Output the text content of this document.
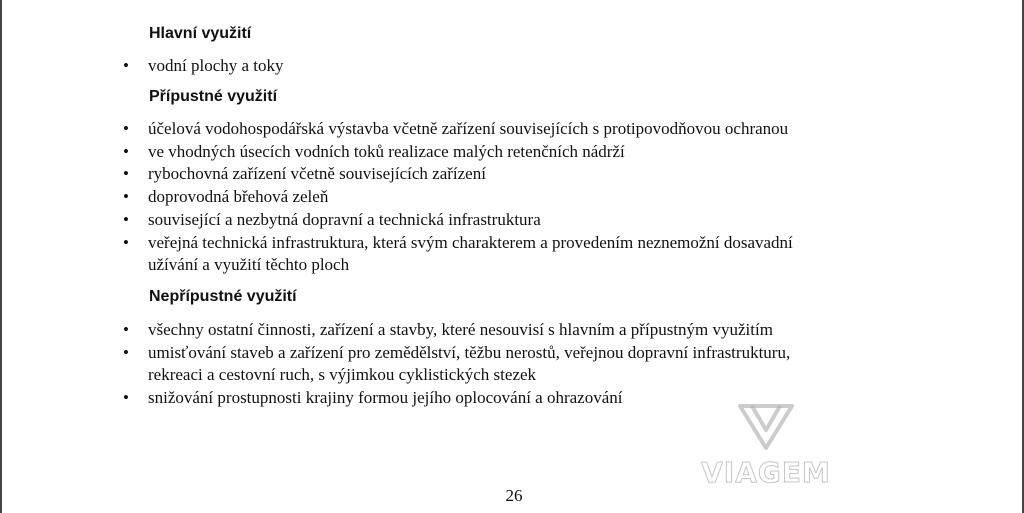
Hlavní využití
• vodní plochy a toky
Přípustné využití
• účelová vodohospodářská výstavba včetně zařízení souvisejících s protipovodňovou ochranou
• ve vhodných úsecích vodních toků realizace malých retenčních nádrží
• rybochovná zařízení včetně souvisejících zařízení
• doprovodná břehová zeleň
• související a nezbytná dopravní a technická infrastruktura
• veřejná technická infrastruktura, která svým charakterem a provedením neznemožní dosavadní
užívání a využití těchto ploch
Nepřípustné využití
• všechny ostatní činnosti, zařízení a stavby, které nesouvisí s hlavním a přípustným využitím
• umisťování staveb a zařízení pro zemědělství, těžbu nerostů, veřejnou dopravní infrastrukturu,
rekreaci a cestovní ruch, s výjimkou cyklistických stezek
• snižování prostupnosti krajiny formou jejího oplocování a ohrazování
VIAGEM
26
